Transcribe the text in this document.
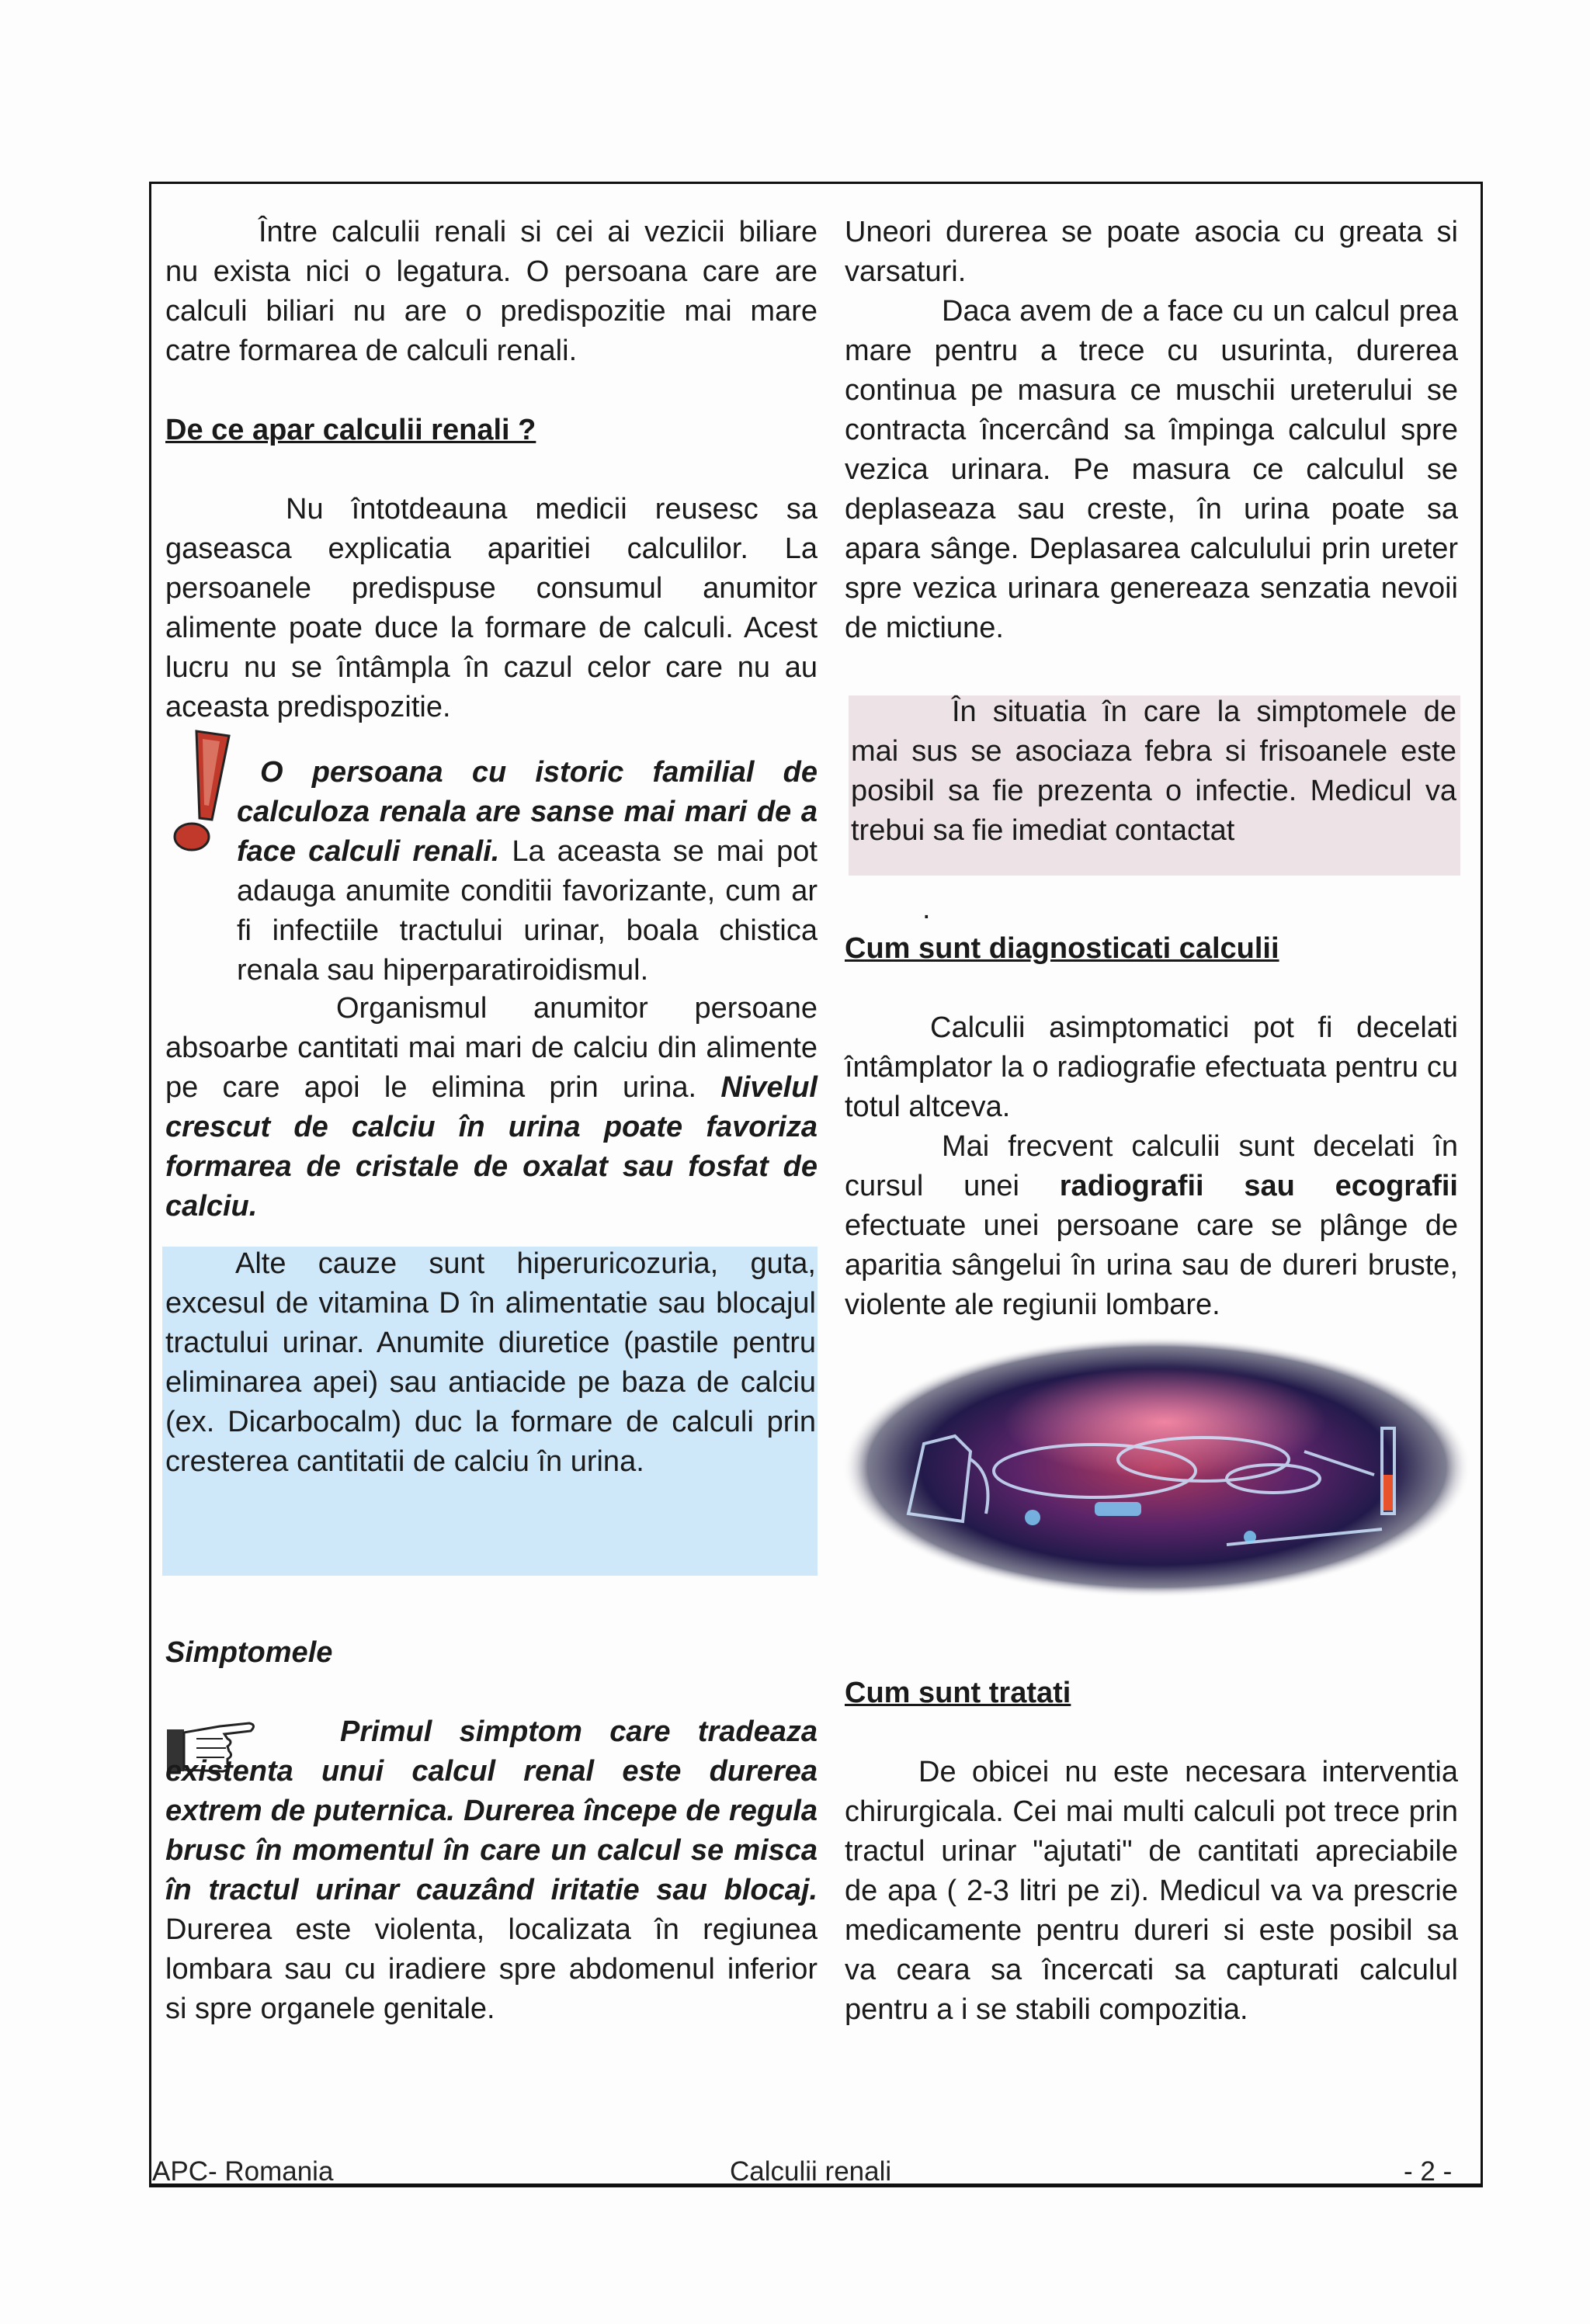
Între calculii renali si cei ai vezicii biliare nu exista nici o legatura. O persoana care are calculi biliari nu are o predispozitie mai mare catre formarea de calculi renali.

De ce apar calculii renali ?

Nu întotdeauna medicii reusesc sa gaseasca explicatia aparitiei calculilor. La persoanele predispuse consumul anumitor alimente poate duce la formare de calculi. Acest lucru nu se întâmpla în cazul celor care nu au aceasta predispozitie.

O persoana cu istoric familial de calculoza renala are sanse mai mari de a face calculi renali. La aceasta se mai pot adauga anumite conditii favorizante, cum ar fi infectiile tractului urinar, boala chistica renala sau hiperparatiroidismul.

Organismul anumitor persoane absoarbe cantitati mai mari de calciu din alimente pe care apoi le elimina prin urina. Nivelul crescut de calciu în urina poate favoriza formarea de cristale de oxalat sau fosfat de calciu.

Alte cauze sunt hiperuricozuria, guta, excesul de vitamina D în alimentatie sau blocajul tractului urinar. Anumite diuretice (pastile pentru eliminarea apei) sau antiacide pe baza de calciu (ex. Dicarbocalm) duc la formare de calculi prin cresterea cantitatii de calciu în urina.

Simptomele

Primul simptom care tradeaza existenta unui calcul renal este durerea extrem de puternica. Durerea începe de regula brusc în momentul în care un calcul se misca în tractul urinar cauzând iritatie sau blocaj. Durerea este violenta, localizata în regiunea lombara sau cu iradiere spre abdomenul inferior si spre organele genitale.

Uneori durerea se poate asocia cu greata si varsaturi.

Daca avem de a face cu un calcul prea mare pentru a trece cu usurinta, durerea continua pe masura ce muschii ureterului se contracta încercând sa împinga calculul spre vezica urinara. Pe masura ce calculul se deplaseaza sau creste, în urina poate sa apara sânge. Deplasarea calculului prin ureter spre vezica urinara genereaza senzatia nevoii de mictiune.

În situatia în care la simptomele de mai sus se asociaza febra si frisoanele este posibil sa fie prezenta o infectie. Medicul va trebui sa fie imediat contactat

.

Cum sunt diagnosticati calculii

Calculii asimptomatici pot fi decelati întâmplator la o radiografie efectuata pentru cu totul altceva.

Mai frecvent calculii sunt decelati în cursul unei radiografii sau ecografii efectuate unei persoane care se plânge de aparitia sângelui în urina sau de dureri bruste, violente ale regiunii lombare.

Cum sunt tratati

De obicei nu este necesara interventia chirurgicala. Cei mai multi calculi pot trece prin tractul urinar "ajutati" de cantitati apreciabile de apa ( 2-3 litri pe zi). Medicul va va prescrie medicamente pentru dureri si este posibil sa va ceara sa încercati sa capturati calculul pentru a i se stabili compozitia.

APC- Romania	Calculii renali	- 2 -
